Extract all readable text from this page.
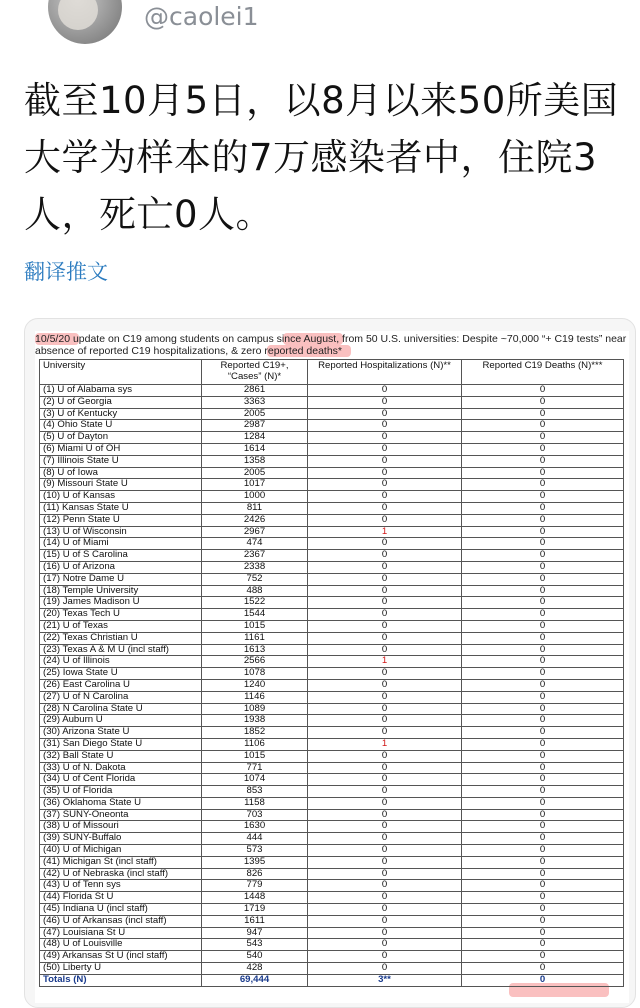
@caolei1
截至10月5日，以8月以来50所美国大学为样本的7万感染者中，住院3人，死亡0人。
翻译推文
10/5/20 update on C19 among students on campus since August, from 50 U.S. universities: Despite ~70,000 “+ C19 tests” near absence of reported C19 hospitalizations, & zero reported deaths*
University	Reported C19+, “Cases” (N)*	Reported Hospitalizations (N)**	Reported C19 Deaths (N)***
(1) U of Alabama sys	2861	0	0
(2) U of Georgia	3363	0	0
(3) U of Kentucky	2005	0	0
(4) Ohio State U	2987	0	0
(5) U of Dayton	1284	0	0
(6) Miami U of OH	1614	0	0
(7) Illinois State U	1358	0	0
(8) U of Iowa	2005	0	0
(9) Missouri State U	1017	0	0
(10) U of Kansas	1000	0	0
(11) Kansas State U	811	0	0
(12) Penn State U	2426	0	0
(13) U of Wisconsin	2967	1	0
(14) U of Miami	474	0	0
(15) U of S Carolina	2367	0	0
(16) U of Arizona	2338	0	0
(17) Notre Dame U	752	0	0
(18) Temple University	488	0	0
(19) James Madison U	1522	0	0
(20) Texas Tech U	1544	0	0
(21) U of Texas	1015	0	0
(22) Texas Christian U	1161	0	0
(23) Texas A & M U (incl staff)	1613	0	0
(24) U of Illinois	2566	1	0
(25) Iowa State U	1078	0	0
(26) East Carolina U	1240	0	0
(27) U of N Carolina	1146	0	0
(28) N Carolina State U	1089	0	0
(29) Auburn U	1938	0	0
(30) Arizona State U	1852	0	0
(31) San Diego State U	1106	1	0
(32) Ball State U	1015	0	0
(33) U of N. Dakota	771	0	0
(34) U of Cent Florida	1074	0	0
(35) U of Florida	853	0	0
(36) Oklahoma State U	1158	0	0
(37) SUNY-Oneonta	703	0	0
(38) U of Missouri	1630	0	0
(39) SUNY-Buffalo	444	0	0
(40) U of Michigan	573	0	0
(41) Michigan St (incl staff)	1395	0	0
(42) U of Nebraska (incl staff)	826	0	0
(43) U of Tenn sys	779	0	0
(44) Florida St U	1448	0	0
(45) Indiana U (incl staff)	1719	0	0
(46) U of Arkansas (incl staff)	1611	0	0
(47) Louisiana St U	947	0	0
(48) U of Louisville	543	0	0
(49) Arkansas St U (incl staff)	540	0	0
(50) Liberty U	428	0	0
Totals (N)	69,444	3**	0
